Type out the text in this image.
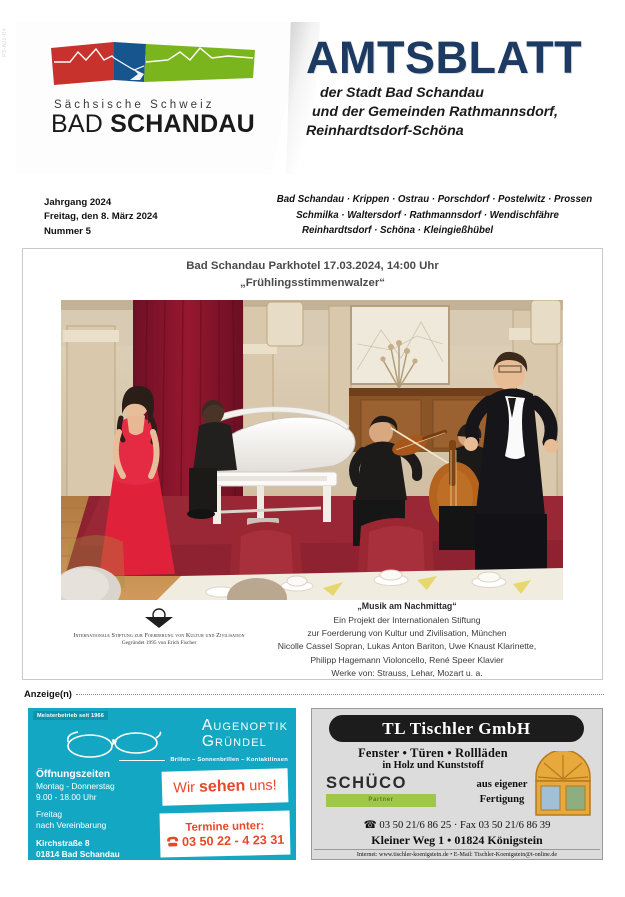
PS-A01-H4
Sächsische Schweiz
BAD SCHANDAU
AMTSBLATT
der Stadt Bad Schandau
und der Gemeinden Rathmannsdorf,
Reinhardtsdorf-Schöna
Jahrgang 2024
Freitag, den 8. März 2024
Nummer 5
Bad Schandau · Krippen · Ostrau · Porschdorf · Postelwitz · Prossen
Schmilka · Waltersdorf · Rathmannsdorf · Wendischfähre
Reinhardtsdorf · Schöna · Kleingießhübel
Bad Schandau Parkhotel 17.03.2024, 14:00 Uhr
„Frühlingsstimmenwalzer“
Internationale Stiftung zur Foerderung von Kultur und Zivilisation
Gegründet 1995 von Erich Fischer
„Musik am Nachmittag“
Ein Projekt der Internationalen Stiftung
zur Foerderung von Kultur und Zivilisation, München
Nicolle Cassel Sopran, Lukas Anton Bariton, Uwe Knaust Klarinette,
Philipp Hagemann Violoncello, René Speer Klavier
Werke von: Strauss, Lehar, Mozart u. a.
Anzeige(n)
Meisterbetrieb seit 1966
Augenoptik
Gründel
Brillen – Sonnenbrillen – Kontaktlinsen
Öffnungszeiten

Montag - Donnerstag

9.00 - 18.00 Uhr

Freitag

nach Vereinbarung

Kirchstraße 8
01814 Bad Schandau
Wir sehen uns!
Termine unter:
03 50 22 - 4 23 31
TL Tischler GmbH
Fenster • Türen • Rollläden
in Holz und Kunststoff
SCHÜCO
Partner
aus eigener
Fertigung
☎ 03 50 21/6 86 25 · Fax 03 50 21/6 86 39
Kleiner Weg 1 • 01824 Königstein
Internet: www.tischler-koenigstein.de • E-Mail: Tischler-Koenigstein@t-online.de
